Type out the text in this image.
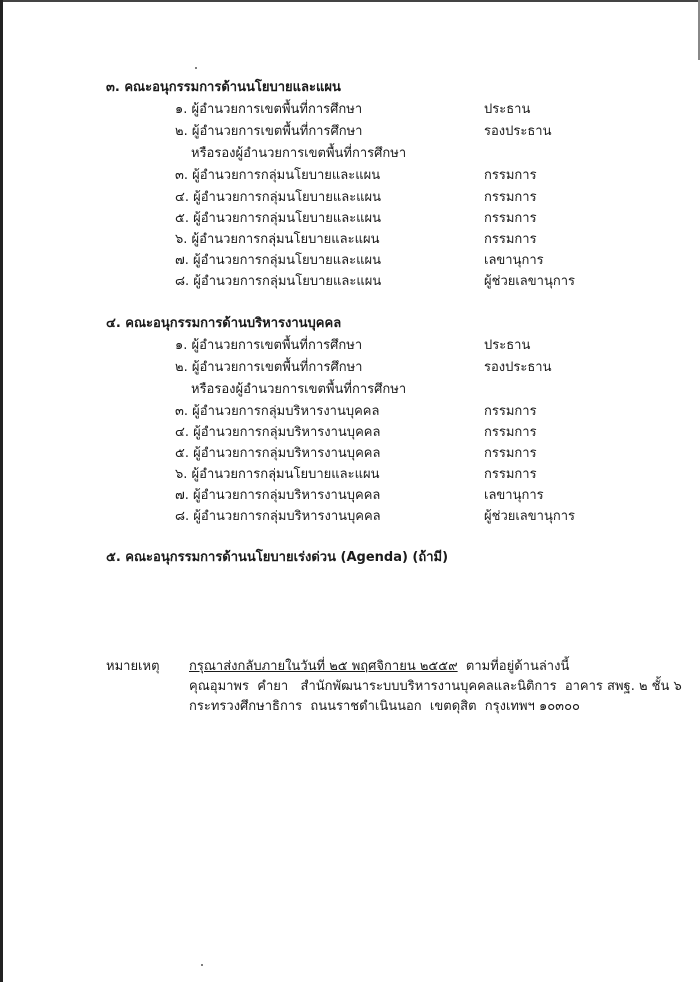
๓. คณะอนุกรรมการด้านนโยบายและแผน
๑. ผู้อำนวยการเขตพื้นที่การศึกษา	ประธาน
๒. ผู้อำนวยการเขตพื้นที่การศึกษา	รองประธาน
หรือรองผู้อำนวยการเขตพื้นที่การศึกษา
๓. ผู้อำนวยการกลุ่มนโยบายและแผน	กรรมการ
๔. ผู้อำนวยการกลุ่มนโยบายและแผน	กรรมการ
๕. ผู้อำนวยการกลุ่มนโยบายและแผน	กรรมการ
๖. ผู้อำนวยการกลุ่มนโยบายและแผน	กรรมการ
๗. ผู้อำนวยการกลุ่มนโยบายและแผน	เลขานุการ
๘. ผู้อำนวยการกลุ่มนโยบายและแผน	ผู้ช่วยเลขานุการ
๔. คณะอนุกรรมการด้านบริหารงานบุคคล
๑. ผู้อำนวยการเขตพื้นที่การศึกษา	ประธาน
๒. ผู้อำนวยการเขตพื้นที่การศึกษา	รองประธาน
หรือรองผู้อำนวยการเขตพื้นที่การศึกษา
๓. ผู้อำนวยการกลุ่มบริหารงานบุคคล	กรรมการ
๔. ผู้อำนวยการกลุ่มบริหารงานบุคคล	กรรมการ
๕. ผู้อำนวยการกลุ่มบริหารงานบุคคล	กรรมการ
๖. ผู้อำนวยการกลุ่มนโยบายและแผน	กรรมการ
๗. ผู้อำนวยการกลุ่มบริหารงานบุคคล	เลขานุการ
๘. ผู้อำนวยการกลุ่มบริหารงานบุคคล	ผู้ช่วยเลขานุการ
๕. คณะอนุกรรมการด้านนโยบายเร่งด่วน (Agenda) (ถ้ามี)
หมายเหตุ กรุณาส่งกลับภายในวันที่ ๒๕ พฤศจิกายน ๒๕๕๙  ตามที่อยู่ด้านล่างนี้
คุณอุมาพร  คำยา   สำนักพัฒนาระบบบริหารงานบุคคลและนิติการ  อาคาร สพฐ. ๒ ชั้น ๖
กระทรวงศึกษาธิการ  ถนนราชดำเนินนอก  เขตดุสิต  กรุงเทพฯ ๑๐๓๐๐
